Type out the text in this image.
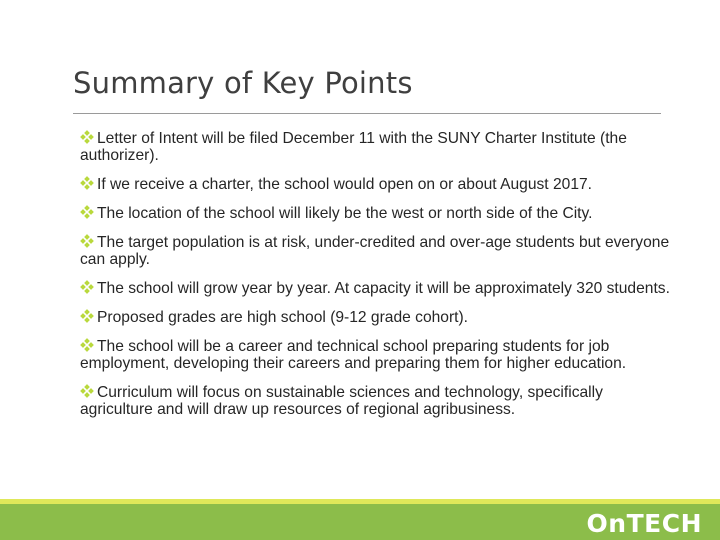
Summary of Key Points
Letter of Intent will be filed December 11 with the SUNY Charter Institute (the authorizer).
If we receive a charter, the school would open on or about August 2017.
The location of the school will likely be the west or north side of the City.
The target population is at risk, under-credited and over-age students but everyone can apply.
The school will grow year by year. At capacity it will be approximately 320 students.
Proposed grades are high school (9-12 grade cohort).
The school will be a career and technical school preparing students for job employment, developing their careers and preparing them for higher education.
Curriculum will focus on sustainable sciences and technology, specifically agriculture and will draw up resources of regional agribusiness.
OnTECH
